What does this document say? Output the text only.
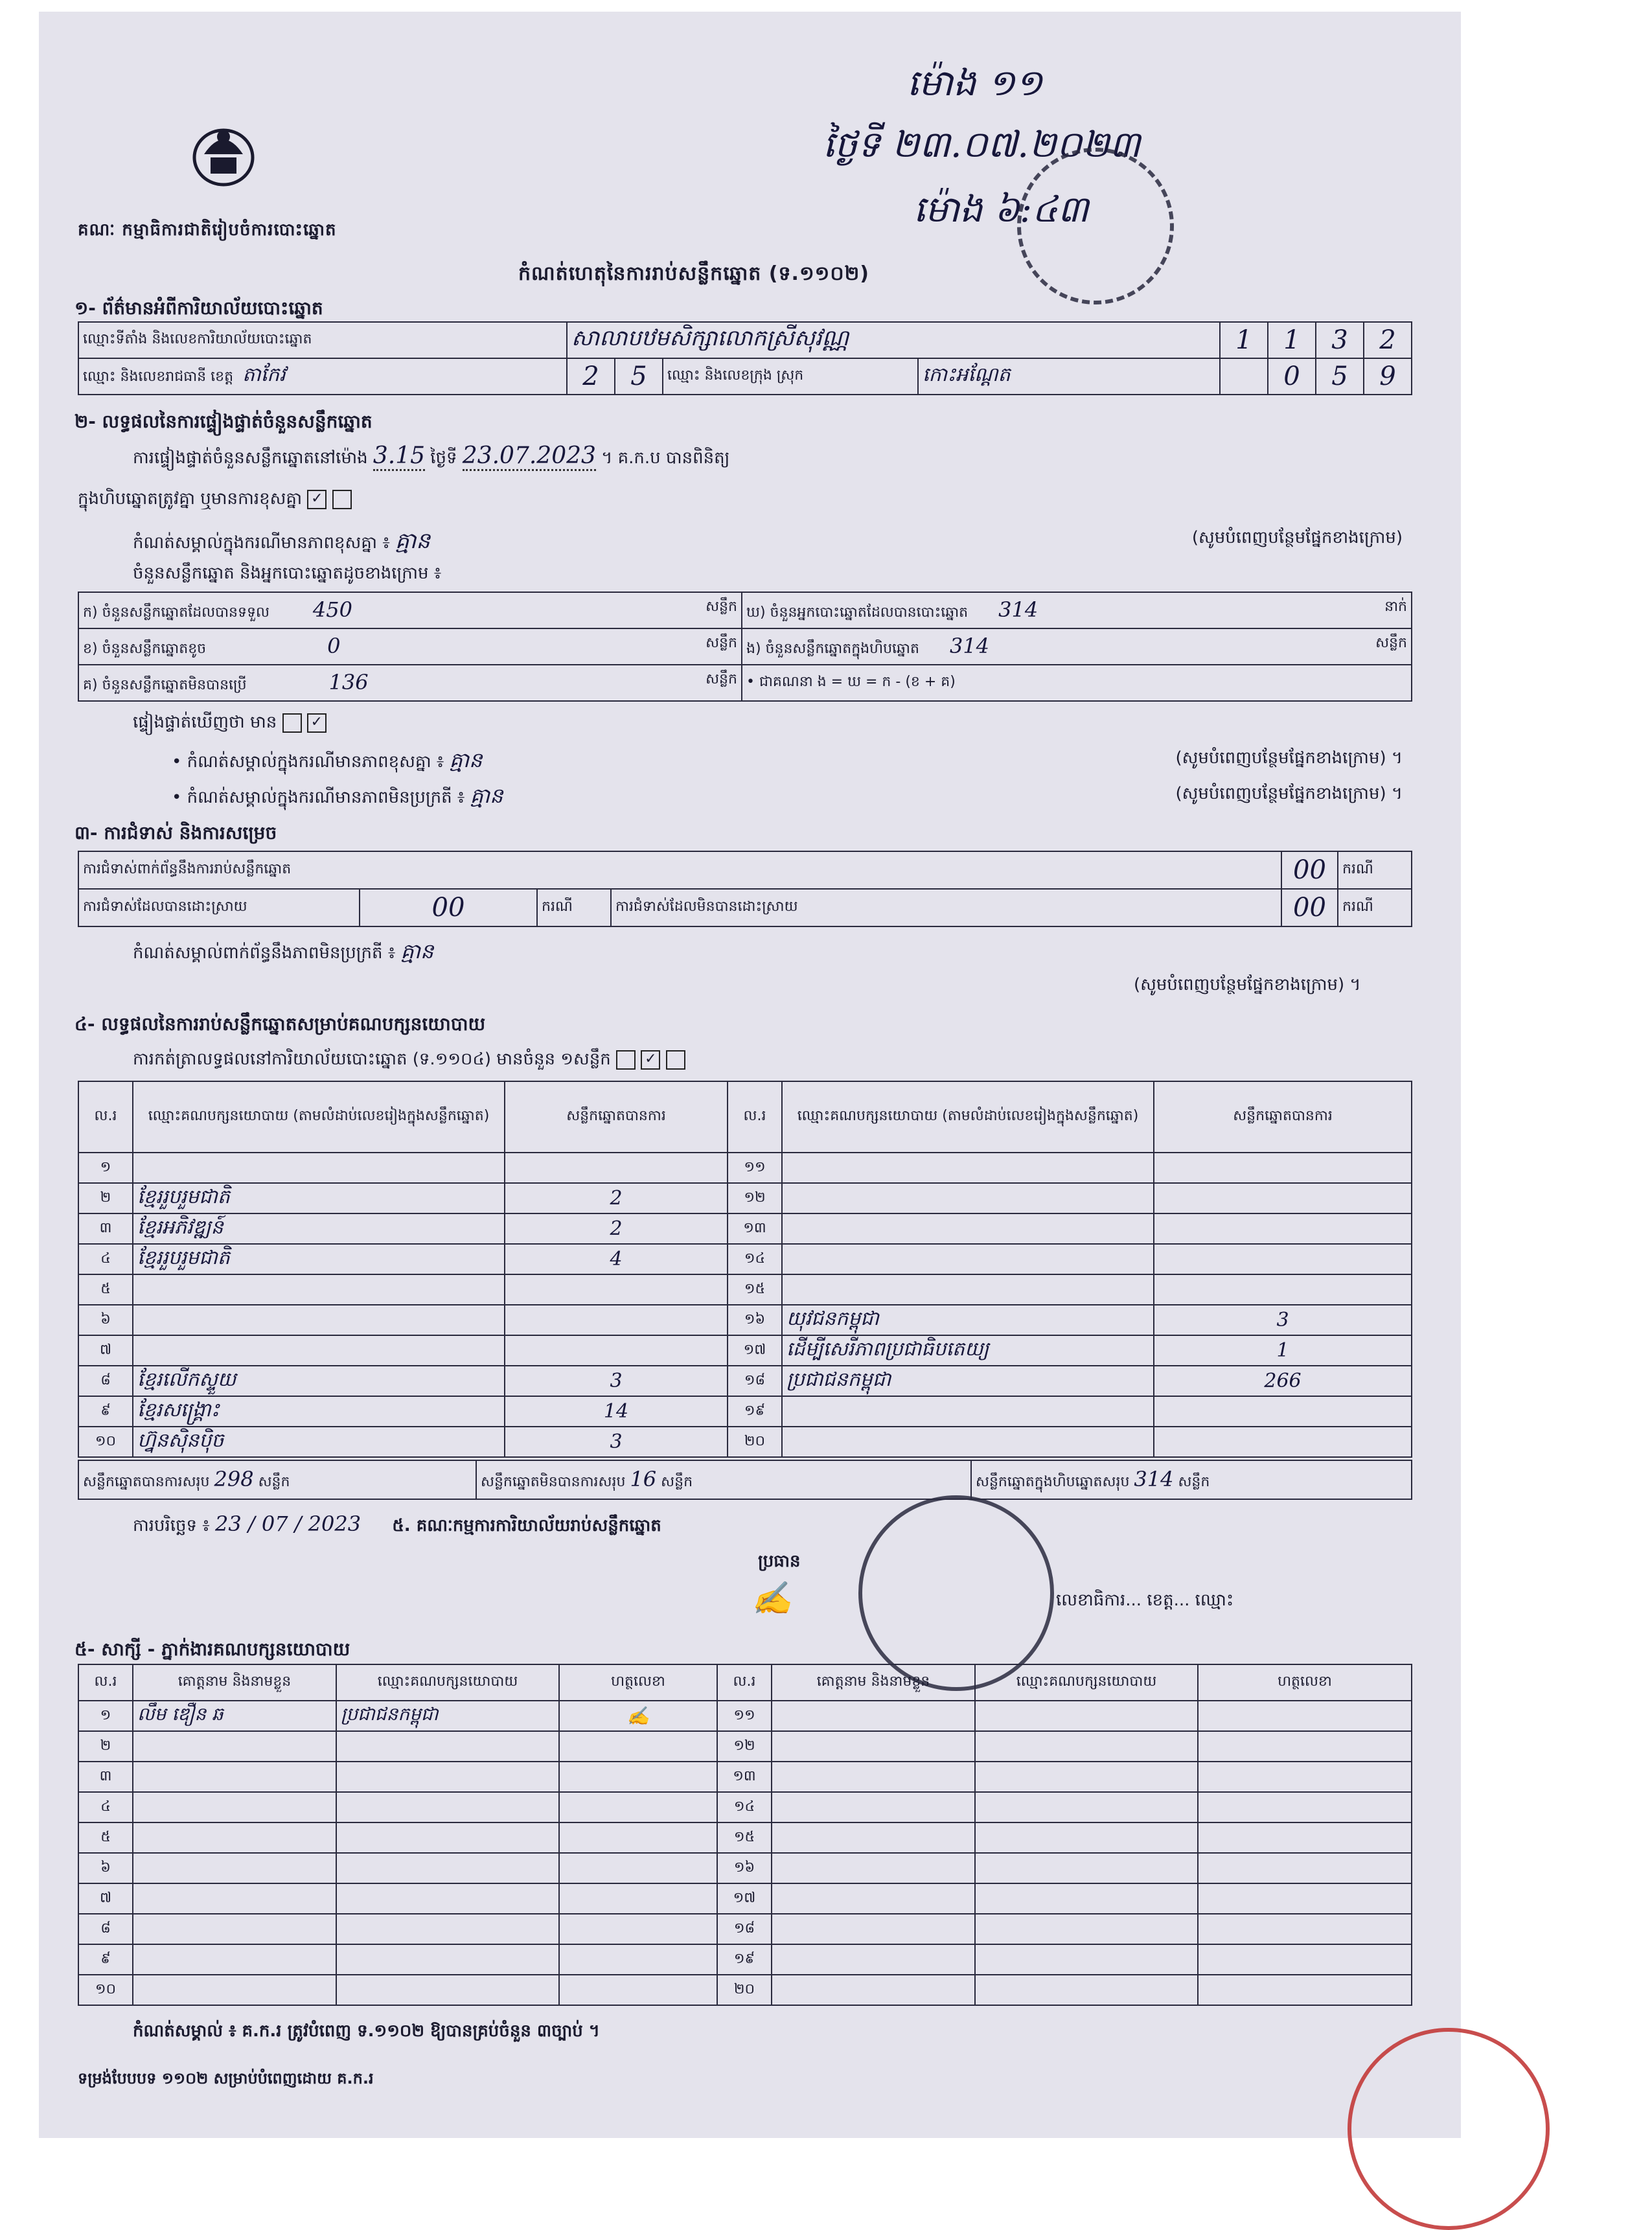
គណៈ កម្មាធិការជាតិរៀបចំការបោះឆ្នោត
កំណត់ហេតុនៃការរាប់សន្លឹកឆ្នោត (ទ.១១០២)
ម៉ោង ១១
ថ្ងៃទី ២៣.០៧.២០២៣
ម៉ោង ៦:៤៣
១- ព័ត៌មានអំពីការិយាល័យបោះឆ្នោត
ឈ្មោះទីតាំង និងលេខការិយាល័យបោះឆ្នោត	សាលាបឋមសិក្សាលោកស្រីសុវណ្ណ				1	1	3	2
ឈ្មោះ និងលេខរាជធានី ខេត្ត តាកែវ	2	5	ឈ្មោះ និងលេខក្រុង ស្រុក	កោះអណ្ដែត		0	5	9
២- លទ្ធផលនៃការផ្ទៀងផ្ទាត់ចំនួនសន្លឹកឆ្នោត
ការផ្ទៀងផ្ទាត់ចំនួនសន្លឹកឆ្នោតនៅម៉ោង 3.15 ថ្ងៃទី 23.07.2023 ។ គ.ក.ប បានពិនិត្យ
ក្នុងហិបឆ្នោតត្រូវគ្នា ឬមានការខុសគ្នា ✓
កំណត់សម្គាល់ក្នុងករណីមានភាពខុសគ្នា ៖ គ្មាន	(សូមបំពេញបន្ថែមផ្នែកខាងក្រោម)
ចំនួនសន្លឹកឆ្នោត និងអ្នកបោះឆ្នោតដូចខាងក្រោម ៖
ក) ចំនួនសន្លឹកឆ្នោតដែលបានទទួល 450 សន្លឹក	ឃ) ចំនួនអ្នកបោះឆ្នោតដែលបានបោះឆ្នោត 314 នាក់

ខ) ចំនួនសន្លឹកឆ្នោតខូច 0 សន្លឹក	ង) ចំនួនសន្លឹកឆ្នោតក្នុងហិបឆ្នោត 314 សន្លឹក

គ) ចំនួនសន្លឹកឆ្នោតមិនបានប្រើ 136 សន្លឹក	• ជាគណនា ង = ឃ = ក - (ខ + គ)
ផ្ទៀងផ្ទាត់ឃើញថា មាន ✓
• កំណត់សម្គាល់ក្នុងករណីមានភាពខុសគ្នា ៖ គ្មាន	(សូមបំពេញបន្ថែមផ្នែកខាងក្រោម) ។
• កំណត់សម្គាល់ក្នុងករណីមានភាពមិនប្រក្រតី ៖ គ្មាន	(សូមបំពេញបន្ថែមផ្នែកខាងក្រោម) ។
៣- ការជំទាស់ និងការសម្រេច
ការជំទាស់ពាក់ព័ន្ធនឹងការរាប់សន្លឹកឆ្នោត				00	ករណី
ការជំទាស់ដែលបានដោះស្រាយ	00	ករណី	ការជំទាស់ដែលមិនបានដោះស្រាយ	00	ករណី
កំណត់សម្គាល់ពាក់ព័ន្ធនឹងភាពមិនប្រក្រតី ៖ គ្មាន
(សូមបំពេញបន្ថែមផ្នែកខាងក្រោម) ។
៤- លទ្ធផលនៃការរាប់សន្លឹកឆ្នោតសម្រាប់គណបក្សនយោបាយ
ការកត់ត្រាលទ្ធផលនៅការិយាល័យបោះឆ្នោត (ទ.១១០៤) មានចំនួន ១សន្លឹក ✓
ល.រ	ឈ្មោះគណបក្សនយោបាយ (តាមលំដាប់លេខរៀងក្នុងសន្លឹកឆ្នោត)	សន្លឹកឆ្នោតបានការ	ល.រ	ឈ្មោះគណបក្សនយោបាយ (តាមលំដាប់លេខរៀងក្នុងសន្លឹកឆ្នោត)	សន្លឹកឆ្នោតបានការ
១			១១		
២	ខ្មែររួបរួមជាតិ	2	១២		
៣	ខ្មែរអភិវឌ្ឍន៍	2	១៣		
៤	ខ្មែររួបរួមជាតិ	4	១៤		
៥			១៥		
៦			១៦	យុវជនកម្ពុជា	3
៧			១៧	ដើម្បីសេរីភាពប្រជាធិបតេយ្យ	1
៨	ខ្មែរលើកស្ទួយ	3	១៨	ប្រជាជនកម្ពុជា	266
៩	ខ្មែរសង្គ្រោះ	14	១៩		
១០	ហ្វ៊ុនស៊ិនប៉ិច	3	២០		
សន្លឹកឆ្នោតបានការសរុប 298 សន្លឹក	សន្លឹកឆ្នោតមិនបានការសរុប 16 សន្លឹក	សន្លឹកឆ្នោតក្នុងហិបឆ្នោតសរុប 314 សន្លឹក
ការបរិច្ឆេទ ៖ 23 / 07 / 2023 ៥. គណៈកម្មការការិយាល័យរាប់សន្លឹកឆ្នោត
ប្រធាន
✍	លេខាធិការ... ខេត្ត... ឈ្មោះ
៥- សាក្សី - ភ្នាក់ងារគណបក្សនយោបាយ
ល.រ	គោត្តនាម និងនាមខ្លួន	ឈ្មោះគណបក្សនយោបាយ	ហត្ថលេខា	ល.រ	គោត្តនាម និងនាមខ្លួន	ឈ្មោះគណបក្សនយោបាយ	ហត្ថលេខា
១	លឹម ឌឿន ឆ	ប្រជាជនកម្ពុជា	✍	១១			
២				១២			
៣				១៣			
៤				១៤			
៥				១៥			
៦				១៦			
៧				១៧			
៨				១៨			
៩				១៩			
១០				២០			
កំណត់សម្គាល់ ៖ គ.ក.រ ត្រូវបំពេញ ទ.១១០២ ឱ្យបានគ្រប់ចំនួន ៣ច្បាប់ ។
ទម្រង់បែបបទ ១១០២ សម្រាប់បំពេញដោយ គ.ក.រ
